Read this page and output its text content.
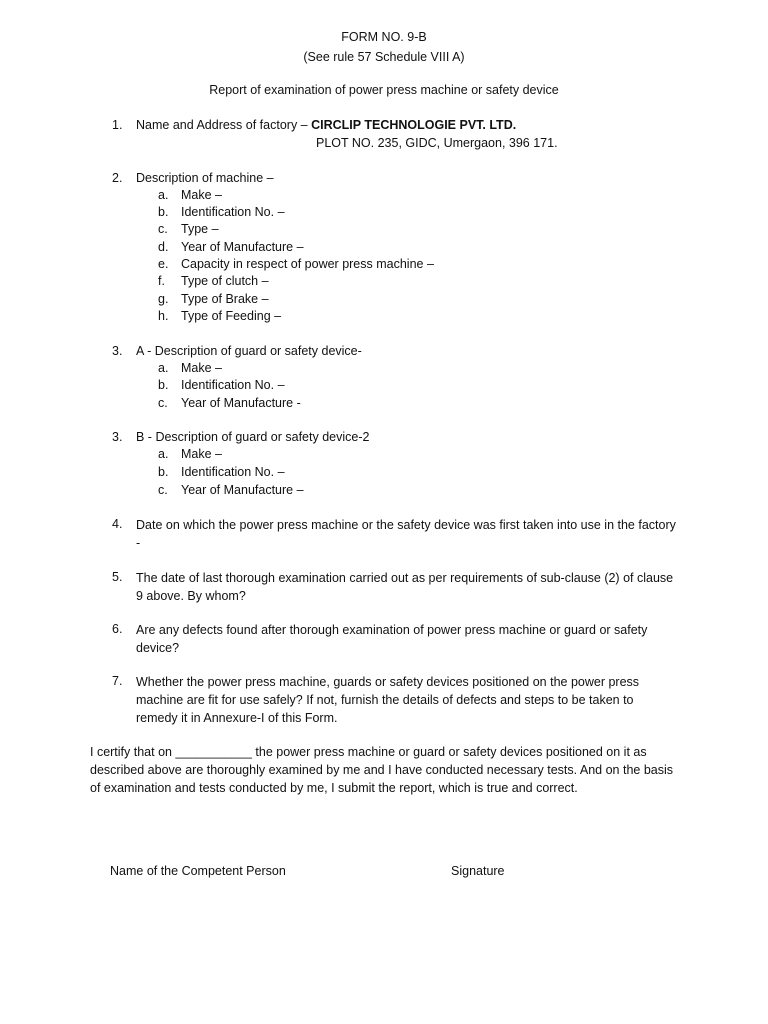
FORM NO. 9-B
(See rule 57 Schedule VIII A)
Report of examination of power press machine or safety device
1. Name and Address of factory – CIRCLIP TECHNOLOGIE PVT. LTD.
PLOT NO. 235, GIDC, Umergaon, 396 171.
2. Description of machine –
a. Make –
b. Identification No. –
c. Type –
d. Year of Manufacture –
e. Capacity in respect of power press machine –
f. Type of clutch –
g. Type of Brake –
h. Type of Feeding –
3. A - Description of guard or safety device-
a. Make –
b. Identification No. –
c. Year of Manufacture -
3. B - Description of guard or safety device-2
a. Make –
b. Identification No. –
c. Year of Manufacture –
4. Date on which the power press machine or the safety device was first taken into use in the factory -
5. The date of last thorough examination carried out as per requirements of sub-clause (2) of clause 9 above. By whom?
6. Are any defects found after thorough examination of power press machine or guard or safety device?
7. Whether the power press machine, guards or safety devices positioned on the power press machine are fit for use safely? If not, furnish the details of defects and steps to be taken to remedy it in Annexure-I of this Form.
I certify that on ___________ the power press machine or guard or safety devices positioned on it as described above are thoroughly examined by me and I have conducted necessary tests. And on the basis of examination and tests conducted by me, I submit the report, which is true and correct.
Name of the Competent Person	Signature
